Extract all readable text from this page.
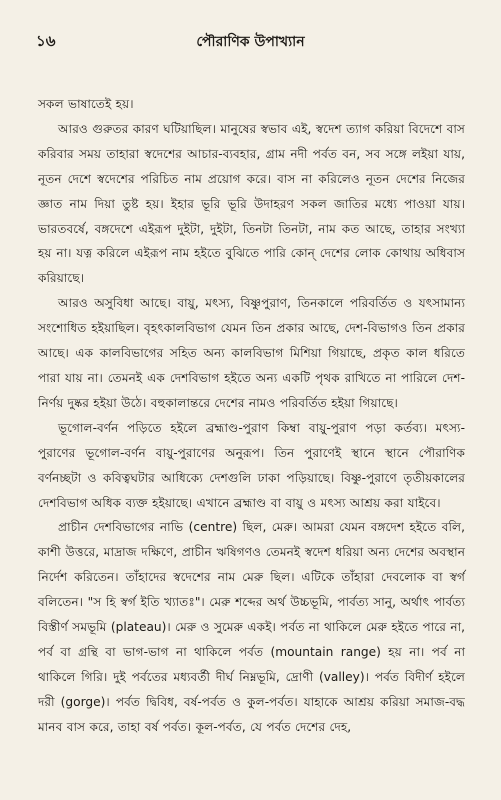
১৬	পৌরাণিক উপাখ্যান

সকল ভাষাতেই হয়।

আরও গুরুতর কারণ ঘটিয়াছিল। মানুষের স্বভাব এই, স্বদেশ ত্যাগ করিয়া বিদেশে বাস করিবার সময় তাহারা স্বদেশের আচার-ব্যবহার, গ্রাম নদী পর্বত বন, সব সঙ্গে লইয়া যায়, নূতন দেশে স্বদেশের পরিচিত নাম প্রয়োগ করে। বাস না করিলেও নূতন দেশের নিজের জ্ঞাত নাম দিয়া তুষ্ট হয়। ইহার ভূরি ভূরি উদাহরণ সকল জাতির মধ্যে পাওয়া যায়। ভারতবর্ষে, বঙ্গদেশে এইরূপ দুইটা, দুইটা, তিনটা তিনটা, নাম কত আছে, তাহার সংখ্যা হয় না। যত্ন করিলে এইরূপ নাম হইতে বুঝিতে পারি কোন্ দেশের লোক কোথায় অধিবাস করিয়াছে।

আরও অসুবিধা আছে। বায়ু, মৎস্য, বিষ্ণুপুরাণ, তিনকালে পরিবর্তিত ও যৎসামান্য সংশোধিত হইয়াছিল। বৃহৎকালবিভাগ যেমন তিন প্রকার আছে, দেশ-বিভাগও তিন প্রকার আছে। এক কালবিভাগের সহিত অন্য কালবিভাগ মিশিয়া গিয়াছে, প্রকৃত কাল ধরিতে পারা যায় না। তেমনই এক দেশবিভাগ হইতে অন্য একটি পৃথক রাখিতে না পারিলে দেশ-নির্ণয় দুষ্কর হইয়া উঠে। বহুকালান্তরে দেশের নামও পরিবর্তিত হইয়া গিয়াছে।

ভূগোল-বর্ণন পড়িতে হইলে ব্রহ্মাণ্ড-পুরাণ কিম্বা বায়ু-পুরাণ পড়া কর্তব্য। মৎস্য-পুরাণের ভূগোল-বর্ণন বায়ু-পুরাণের অনুরূপ। তিন পুরাণেই স্থানে স্থানে পৌরাণিক বর্ণনচ্ছটা ও কবিত্বঘটার আধিক্যে দেশগুলি ঢাকা পড়িয়াছে। বিষ্ণু-পুরাণে তৃতীয়কালের দেশবিভাগ অধিক ব্যক্ত হইয়াছে। এখানে ব্রহ্মাণ্ড বা বায়ু ও মৎস্য আশ্রয় করা যাইবে।

প্রাচীন দেশবিভাগের নাভি (centre) ছিল, মেরু। আমরা যেমন বঙ্গদেশ হইতে বলি, কাশী উত্তরে, মাদ্রাজ দক্ষিণে, প্রাচীন ঋষিগণও তেমনই স্বদেশ ধরিয়া অন্য দেশের অবস্থান নির্দেশ করিতেন। তাঁহাদের স্বদেশের নাম মেরু ছিল। এটিকে তাঁহারা দেবলোক বা স্বর্গ বলিতেন। "স হি স্বর্গ ইতি খ্যাতঃ"। মেরু শব্দের অর্থ উচ্চভূমি, পার্বত্য সানু, অর্থাৎ পার্বত্য বিস্তীর্ণ সমভূমি (plateau)। মেরু ও সুমেরু একই। পর্বত না থাকিলে মেরু হইতে পারে না, পর্ব বা গ্রন্থি বা ভাগ-ভাগ না থাকিলে পর্বত (mountain range) হয় না। পর্ব না থাকিলে গিরি। দুই পর্বতের মধ্যবর্তী দীর্ঘ নিম্নভূমি, দ্রোণী (valley)। পর্বত বিদীর্ণ হইলে দরী (gorge)। পর্বত দ্বিবিধ, বর্ষ-পর্বত ও কুল-পর্বত। যাহাকে আশ্রয় করিয়া সমাজ-বদ্ধ মানব বাস করে, তাহা বর্ষ পর্বত। কূল-পর্বত, যে পর্বত দেশের দেহ,
